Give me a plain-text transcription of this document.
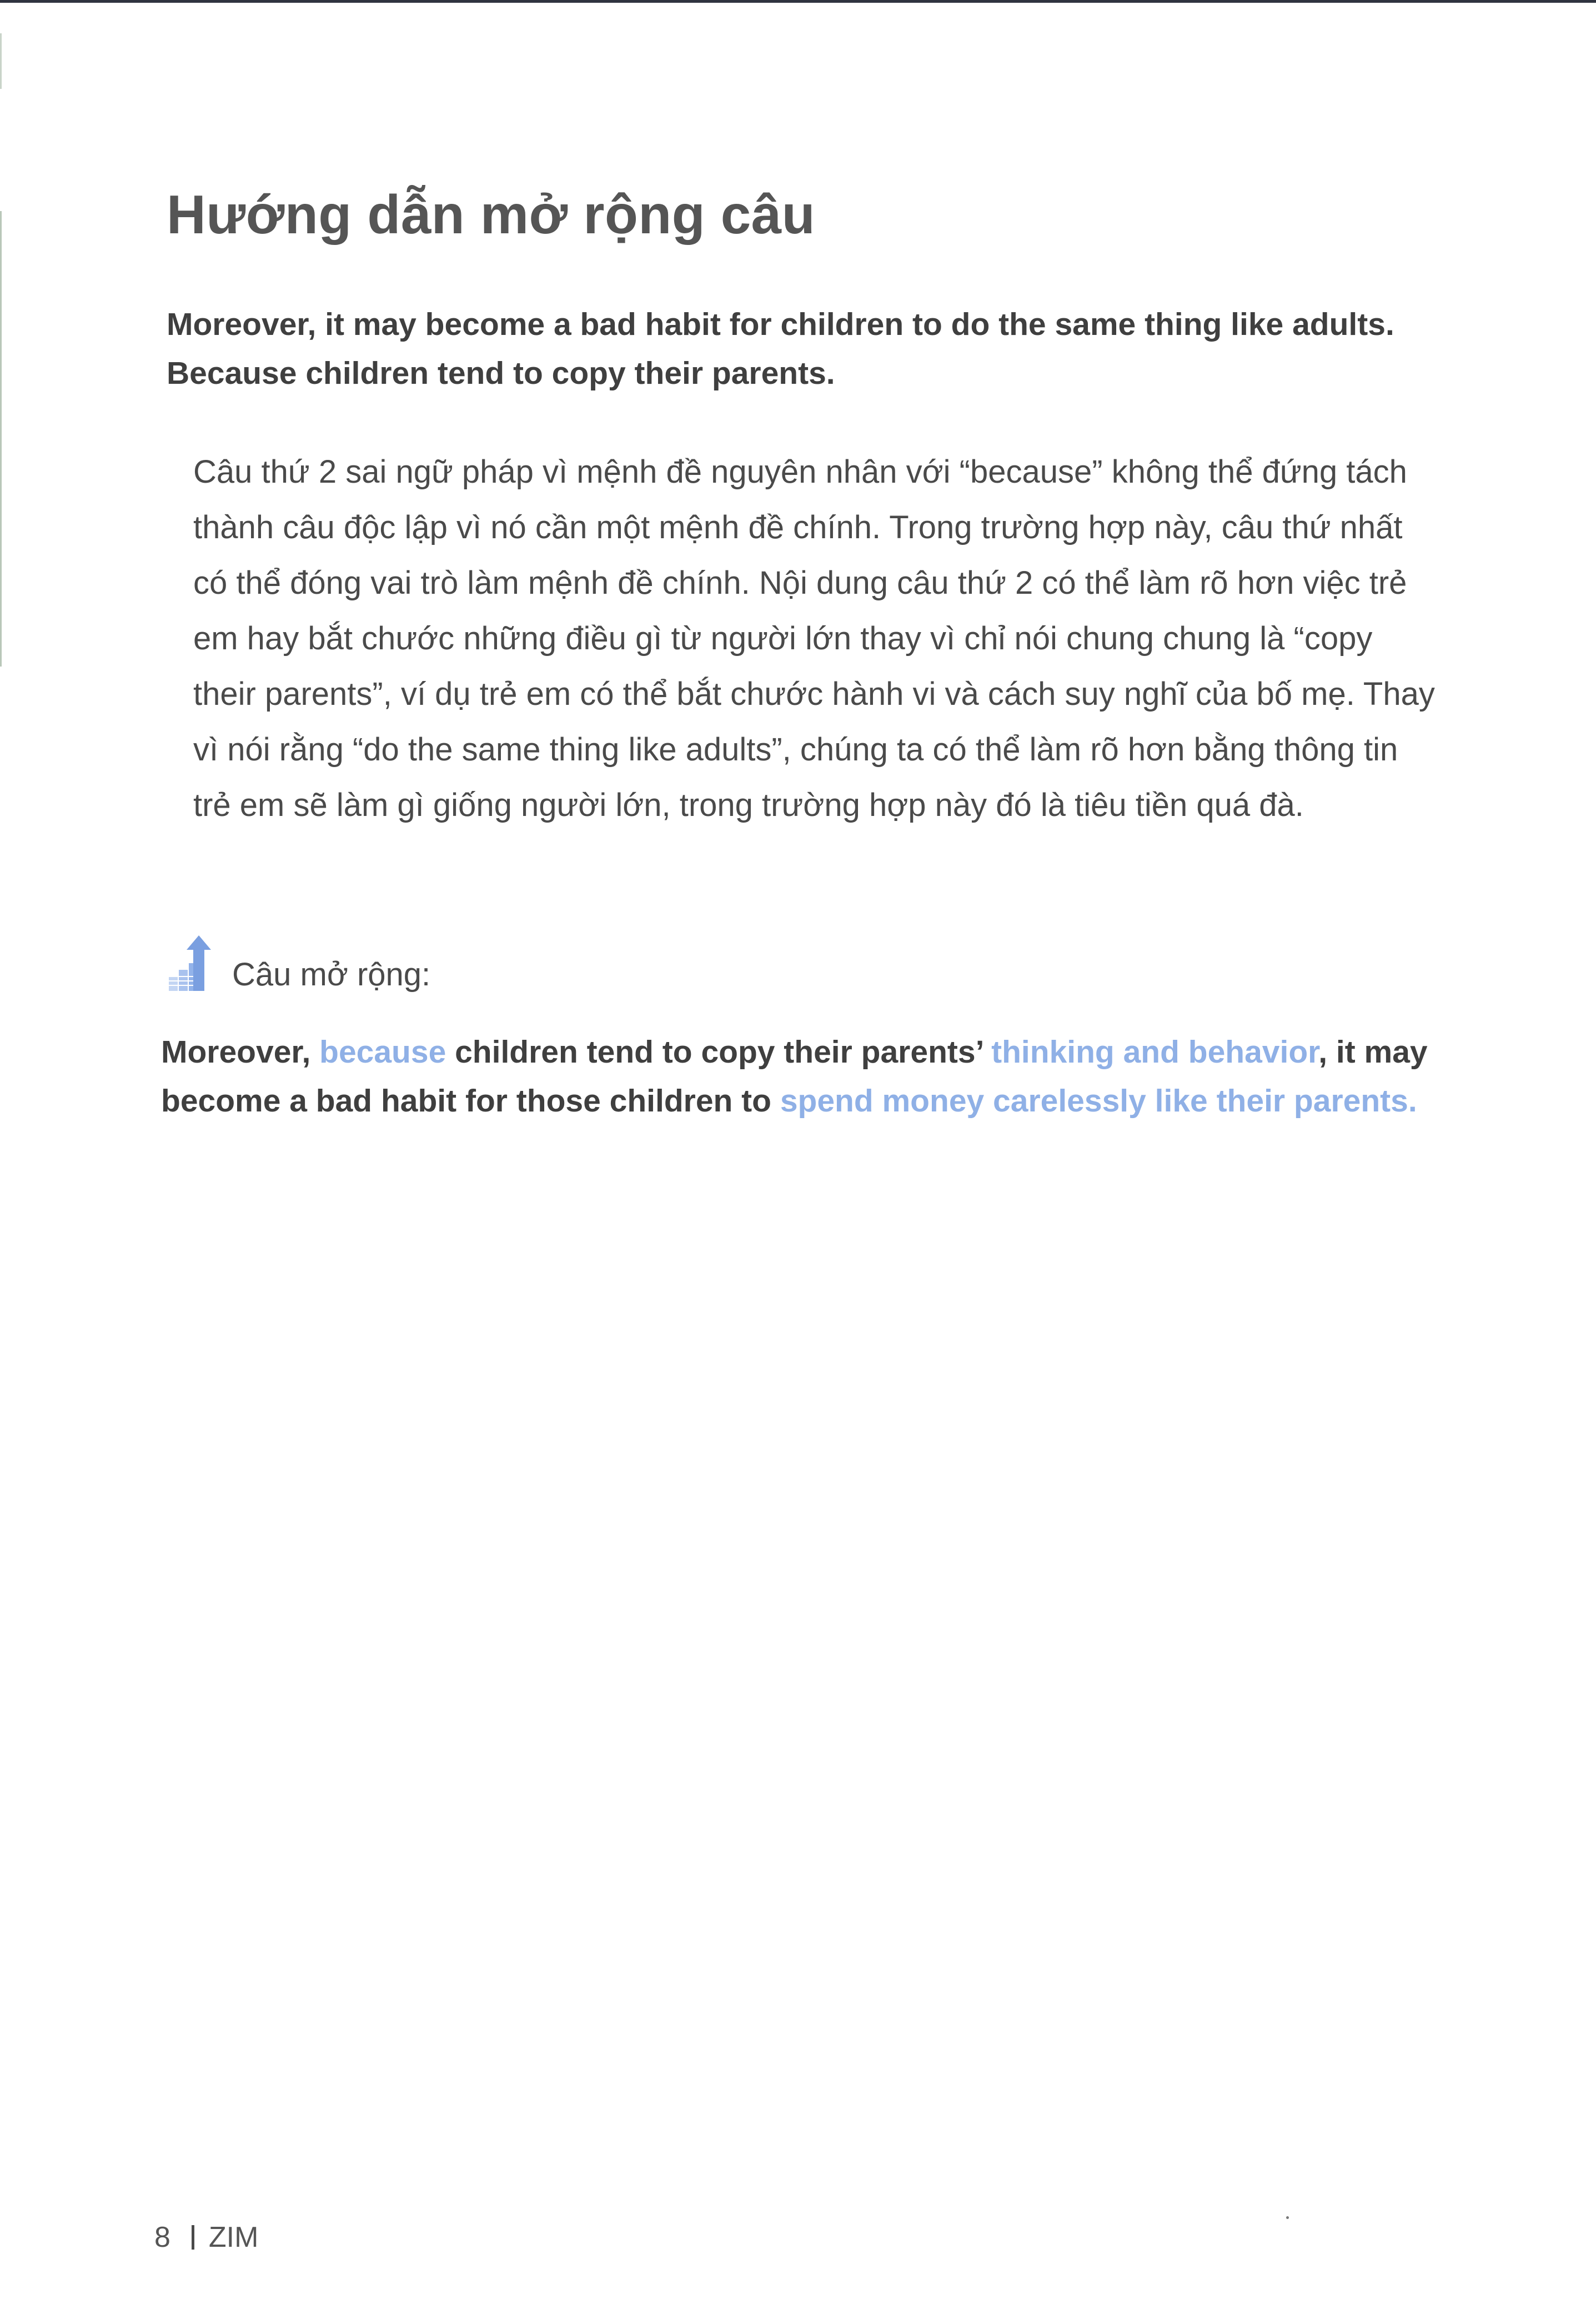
Hướng dẫn mở rộng câu

Moreover, it may become a bad habit for children to do the same thing like adults. Because children tend to copy their parents.

Câu thứ 2 sai ngữ pháp vì mệnh đề nguyên nhân với “because” không thể đứng tách thành câu độc lập vì nó cần một mệnh đề chính. Trong trường hợp này, câu thứ nhất có thể đóng vai trò làm mệnh đề chính. Nội dung câu thứ 2 có thể làm rõ hơn việc trẻ em hay bắt chước những điều gì từ người lớn thay vì chỉ nói chung chung là “copy their parents”, ví dụ trẻ em có thể bắt chước hành vi và cách suy nghĩ của bố mẹ. Thay vì nói rằng “do the same thing like adults”, chúng ta có thể làm rõ hơn bằng thông tin trẻ em sẽ làm gì giống người lớn, trong trường hợp này đó là tiêu tiền quá đà.

Câu mở rộng:

Moreover, because children tend to copy their parents’ thinking and behavior, it may become a bad habit for those children to spend money carelessly like their parents.

8 ZIM
